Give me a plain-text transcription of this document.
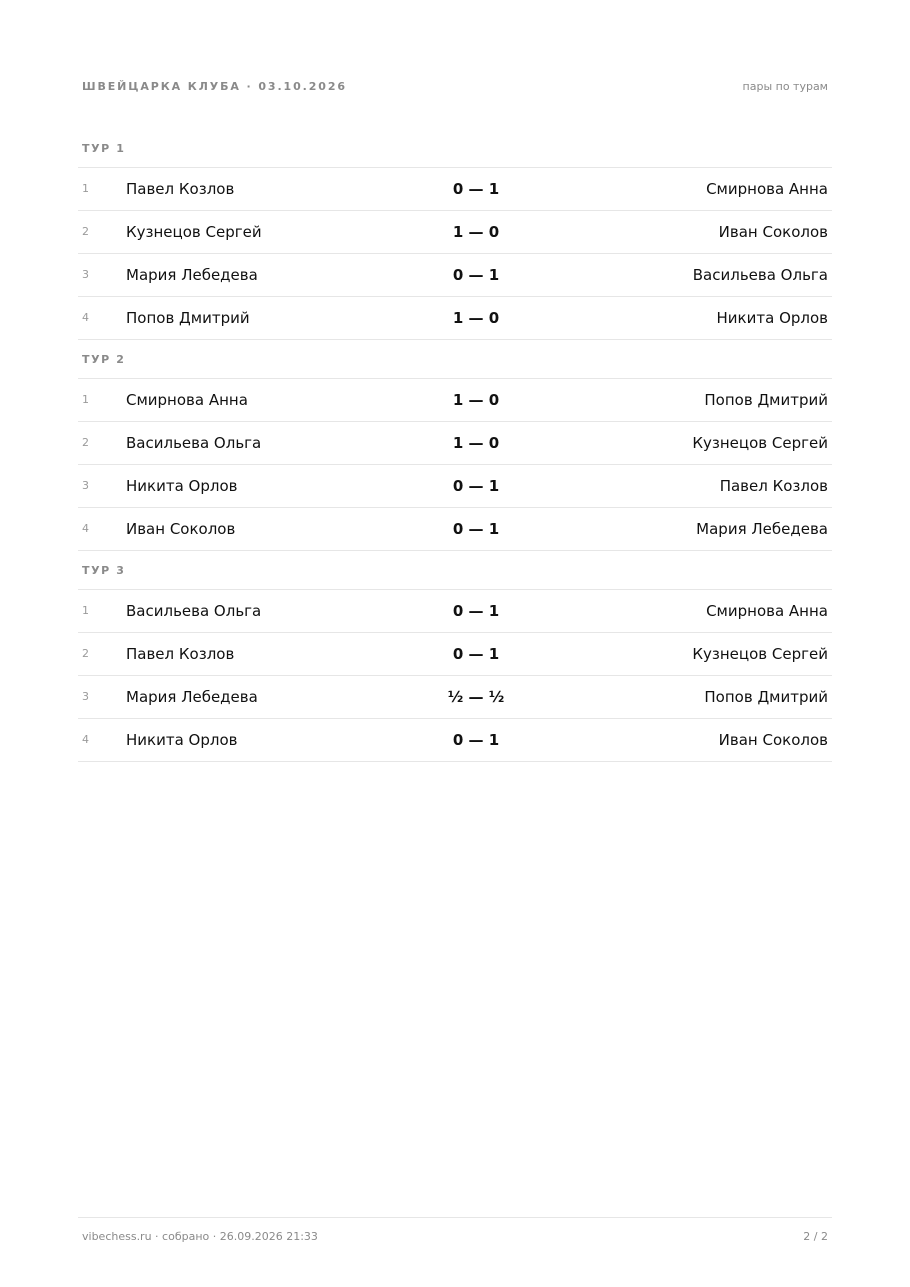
ШВЕЙЦАРКА КЛУБА · 03.10.2026	пары по турам
ТУР 1
1 Павел Козлов	0 — 1	Смирнова Анна
2 Кузнецов Сергей	1 — 0	Иван Соколов
3 Мария Лебедева	0 — 1	Васильева Ольга
4 Попов Дмитрий	1 — 0	Никита Орлов
ТУР 2
1 Смирнова Анна	1 — 0	Попов Дмитрий
2 Васильева Ольга	1 — 0	Кузнецов Сергей
3 Никита Орлов	0 — 1	Павел Козлов
4 Иван Соколов	0 — 1	Мария Лебедева
ТУР 3
1 Васильева Ольга	0 — 1	Смирнова Анна
2 Павел Козлов	0 — 1	Кузнецов Сергей
3 Мария Лебедева	½ — ½	Попов Дмитрий
4 Никита Орлов	0 — 1	Иван Соколов
vibechess.ru · собрано · 26.09.2026 21:33	2 / 2
